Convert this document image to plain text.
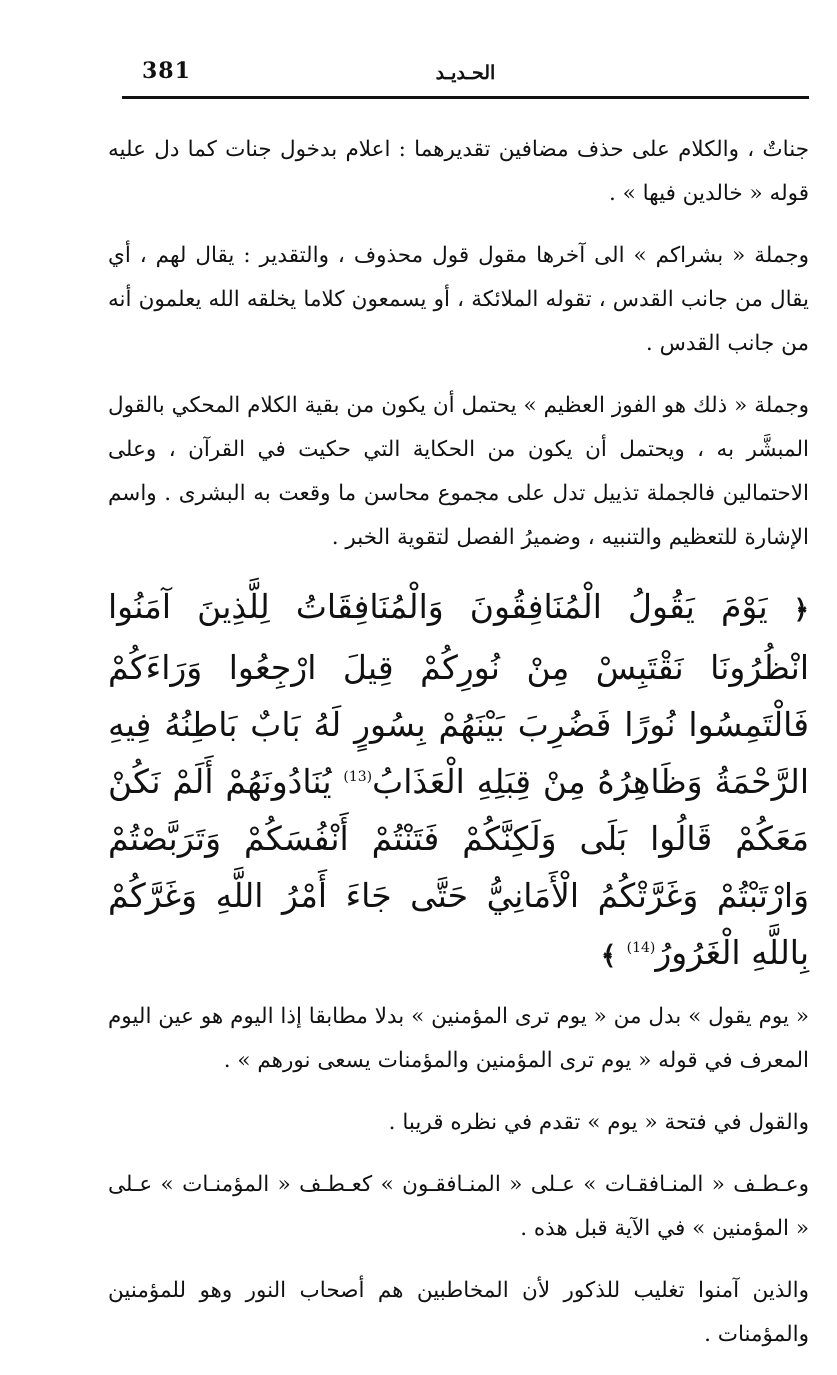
381	الحـديـد

جناتٌ ، والكلام على حذف مضافين تقديرهما : اعلام بدخول جنات كما دل عليه قوله « خالدين فيها » .

وجملة « بشراكم » الى آخرها مقول قول محذوف ، والتقدير : يقال لهم ، أي يقال من جانب القدس ، تقوله الملائكة ، أو يسمعون كلاما يخلقه الله يعلمون أنه من جانب القدس .

وجملة « ذلك هو الفوز العظيم » يحتمل أن يكون من بقية الكلام المحكي بالقول المبشَّر به ، ويحتمل أن يكون من الحكاية التي حكيت في القرآن ، وعلى الاحتمالين فالجملة تذييل تدل على مجموع محاسن ما وقعت به البشرى . واسم الإشارة للتعظيم والتنبيه ، وضميرُ الفصل لتقوية الخبر .

﴿ يَوْمَ يَقُولُ الْمُنَافِقُونَ وَالْمُنَافِقَاتُ لِلَّذِينَ آمَنُوا انْظُرُونَا نَقْتَبِسْ مِنْ نُورِكُمْ قِيلَ ارْجِعُوا وَرَاءَكُمْ فَالْتَمِسُوا نُورًا فَضُرِبَ بَيْنَهُمْ بِسُورٍ لَهُ بَابٌ بَاطِنُهُ فِيهِ الرَّحْمَةُ وَظَاهِرُهُ مِنْ قِبَلِهِ الْعَذَابُ$^{(13)}$ يُنَادُونَهُمْ أَلَمْ نَكُنْ مَعَكُمْ قَالُوا بَلَى وَلَكِنَّكُمْ فَتَنْتُمْ أَنْفُسَكُمْ وَتَرَبَّصْتُمْ وَارْتَبْتُمْ وَغَرَّتْكُمُ الْأَمَانِيُّ حَتَّى جَاءَ أَمْرُ اللَّهِ وَغَرَّكُمْ بِاللَّهِ الْغَرُورُ$^{(14)}$ ﴾

« يوم يقول » بدل من « يوم ترى المؤمنين » بدلا مطابقا إذا اليوم هو عين اليوم المعرف في قوله « يوم ترى المؤمنين والمؤمنات يسعى نورهم » .

والقول في فتحة « يوم » تقدم في نظره قريبا .

وعـطـف « المنـافقـات » عـلى « المنـافقـون » كعـطـف « المؤمنـات » عـلى « المؤمنين » في الآية قبل هذه .

والذين آمنوا تغليب للذكور لأن المخاطبين هم أصحاب النور وهو للمؤمنين والمؤمنات .
